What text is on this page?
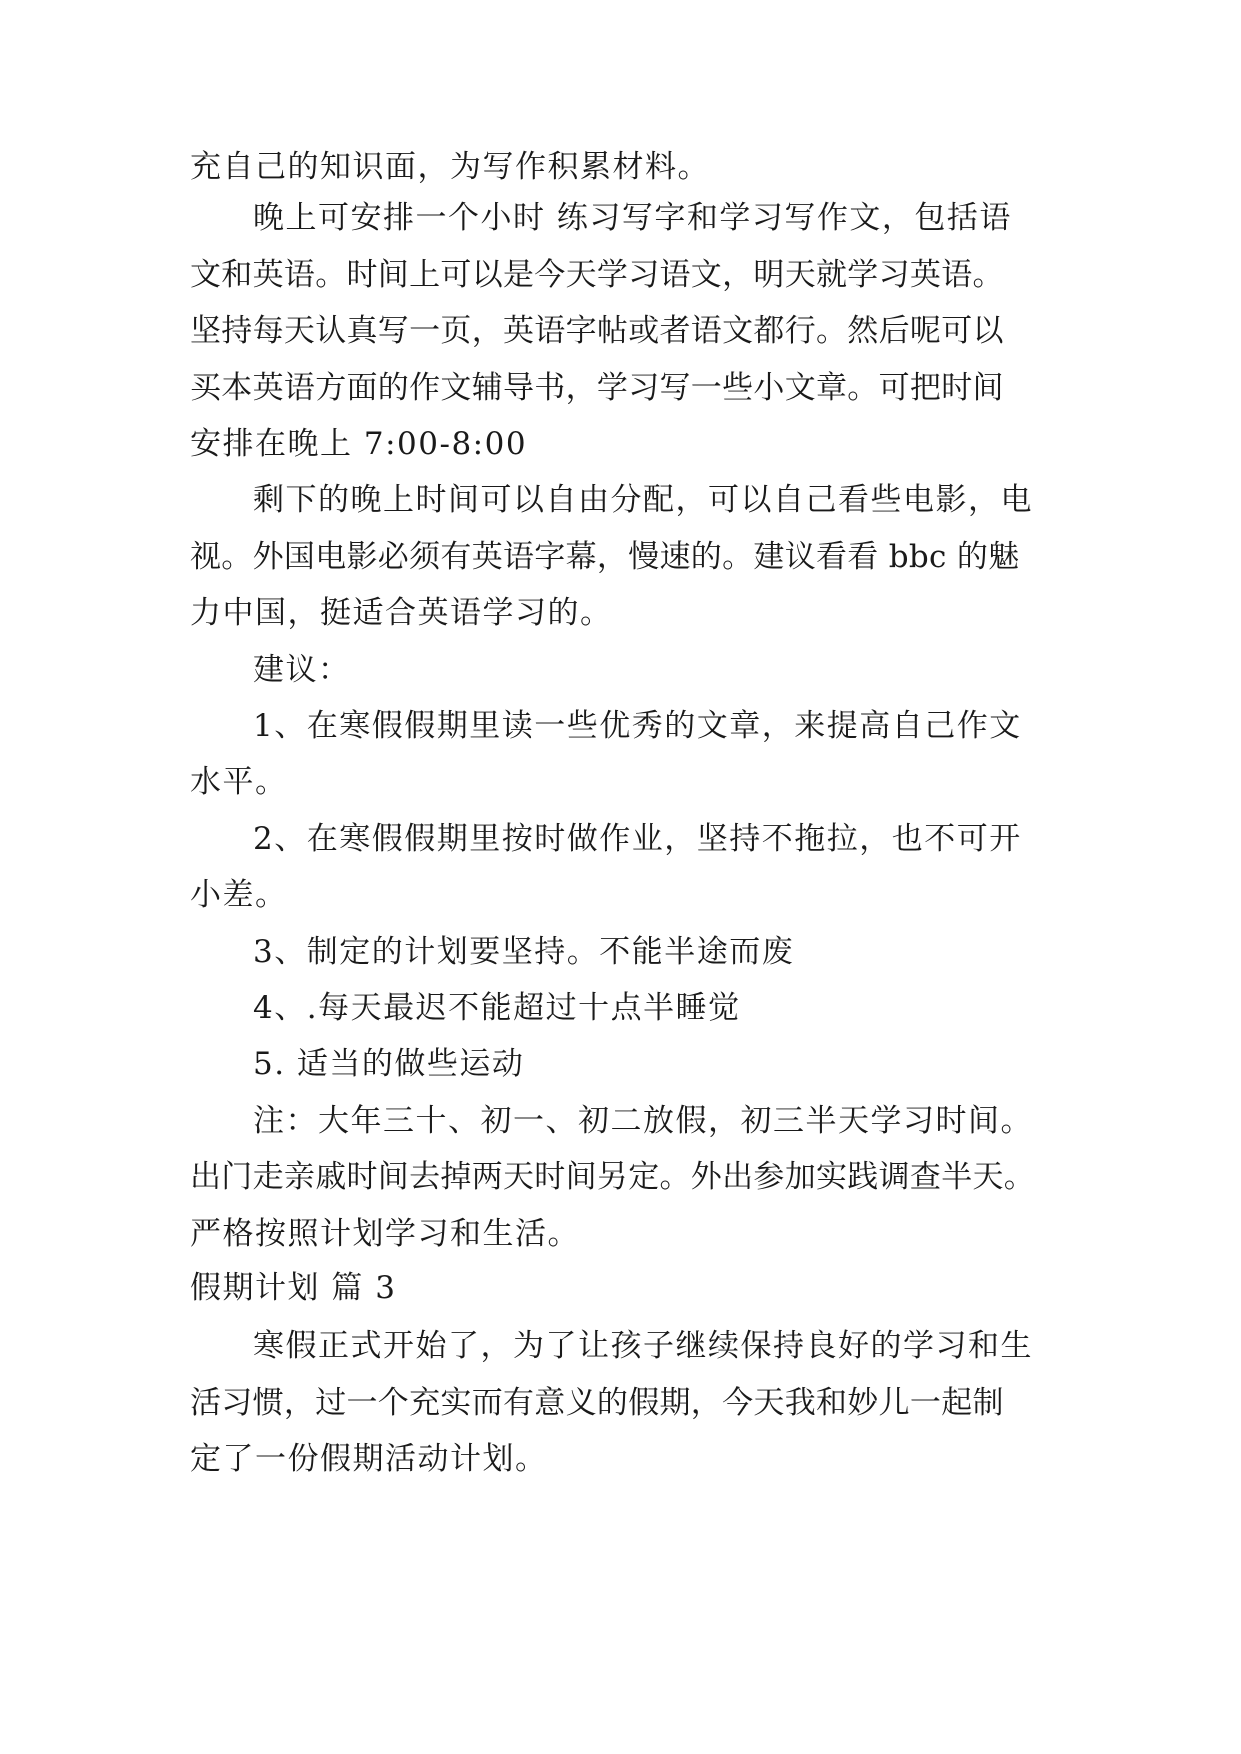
充自己的知识面，为写作积累材料。
晚上可安排一个小时 练习写字和学习写作文，包括语
文和英语。时间上可以是今天学习语文，明天就学习英语。
坚持每天认真写一页，英语字帖或者语文都行。然后呢可以
买本英语方面的作文辅导书，学习写一些小文章。可把时间
安排在晚上 7:00-8:00
剩下的晚上时间可以自由分配，可以自己看些电影，电
视。外国电影必须有英语字幕，慢速的。建议看看 bbc 的魅
力中国，挺适合英语学习的。
建议：
1、在寒假假期里读一些优秀的文章，来提高自己作文
水平。
2、在寒假假期里按时做作业，坚持不拖拉，也不可开
小差。
3、制定的计划要坚持。不能半途而废
4、.每天最迟不能超过十点半睡觉
5. 适当的做些运动
注：大年三十、初一、初二放假，初三半天学习时间。
出门走亲戚时间去掉两天时间另定。外出参加实践调查半天。
严格按照计划学习和生活。
假期计划 篇 3
寒假正式开始了，为了让孩子继续保持良好的学习和生
活习惯，过一个充实而有意义的假期，今天我和妙儿一起制
定了一份假期活动计划。
